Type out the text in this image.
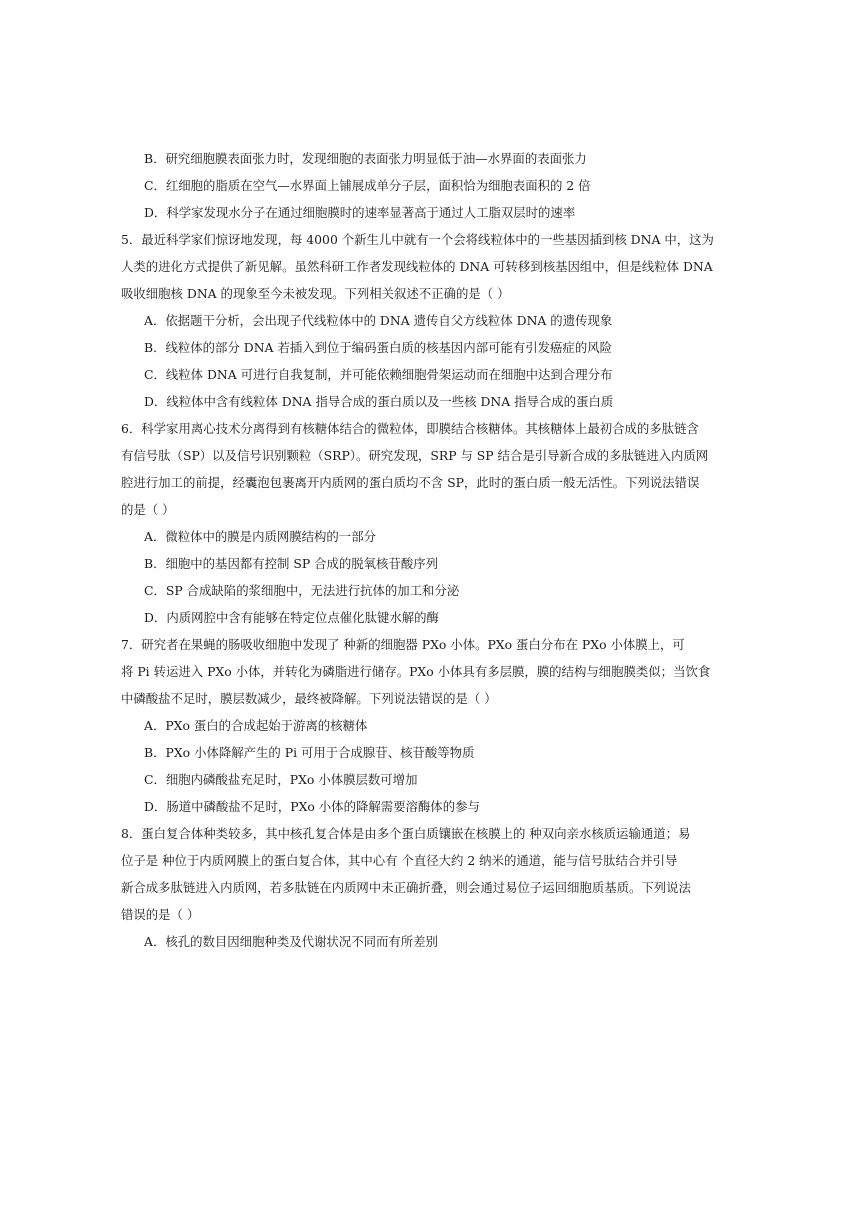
B．研究细胞膜表面张力时，发现细胞的表面张力明显低于油—水界面的表面张力
C．红细胞的脂质在空气—水界面上铺展成单分子层，面积恰为细胞表面积的 2 倍
D．科学家发现水分子在通过细胞膜时的速率显著高于通过人工脂双层时的速率
5．最近科学家们惊讶地发现，每 4000 个新生儿中就有一个会将线粒体中的一些基因插到核 DNA 中，这为
人类的进化方式提供了新见解。虽然科研工作者发现线粒体的 DNA 可转移到核基因组中，但是线粒体 DNA
吸收细胞核 DNA 的现象至今未被发现。下列相关叙述不正确的是（ ）
A．依据题干分析，会出现子代线粒体中的 DNA 遗传自父方线粒体 DNA 的遗传现象
B．线粒体的部分 DNA 若插入到位于编码蛋白质的核基因内部可能有引发癌症的风险
C．线粒体 DNA 可进行自我复制，并可能依赖细胞骨架运动而在细胞中达到合理分布
D．线粒体中含有线粒体 DNA 指导合成的蛋白质以及一些核 DNA 指导合成的蛋白质
6．科学家用离心技术分离得到有核糖体结合的微粒体，即膜结合核糖体。其核糖体上最初合成的多肽链含
有信号肽（SP）以及信号识别颗粒（SRP）。研究发现，SRP 与 SP 结合是引导新合成的多肽链进入内质网
腔进行加工的前提，经囊泡包裹离开内质网的蛋白质均不含 SP，此时的蛋白质一般无活性。下列说法错误
的是（ ）
A．微粒体中的膜是内质网膜结构的一部分
B．细胞中的基因都有控制 SP 合成的脱氧核苷酸序列
C．SP 合成缺陷的浆细胞中，无法进行抗体的加工和分泌
D．内质网腔中含有能够在特定位点催化肽键水解的酶
7．研究者在果蝇的肠吸收细胞中发现了 种新的细胞器 PXo 小体。PXo 蛋白分布在 PXo 小体膜上，可
将 Pi 转运进入 PXo 小体，并转化为磷脂进行储存。PXo 小体具有多层膜，膜的结构与细胞膜类似；当饮食
中磷酸盐不足时，膜层数减少，最终被降解。下列说法错误的是（ ）
A．PXo 蛋白的合成起始于游离的核糖体
B．PXo 小体降解产生的 Pi 可用于合成腺苷、核苷酸等物质
C．细胞内磷酸盐充足时，PXo 小体膜层数可增加
D．肠道中磷酸盐不足时，PXo 小体的降解需要溶酶体的参与
8．蛋白复合体种类较多，其中核孔复合体是由多个蛋白质镶嵌在核膜上的 种双向亲水核质运输通道；易
位子是 种位于内质网膜上的蛋白复合体，其中心有 个直径大约 2 纳米的通道，能与信号肽结合并引导
新合成多肽链进入内质网，若多肽链在内质网中未正确折叠，则会通过易位子运回细胞质基质。下列说法
错误的是（ ）
A．核孔的数目因细胞种类及代谢状况不同而有所差别
